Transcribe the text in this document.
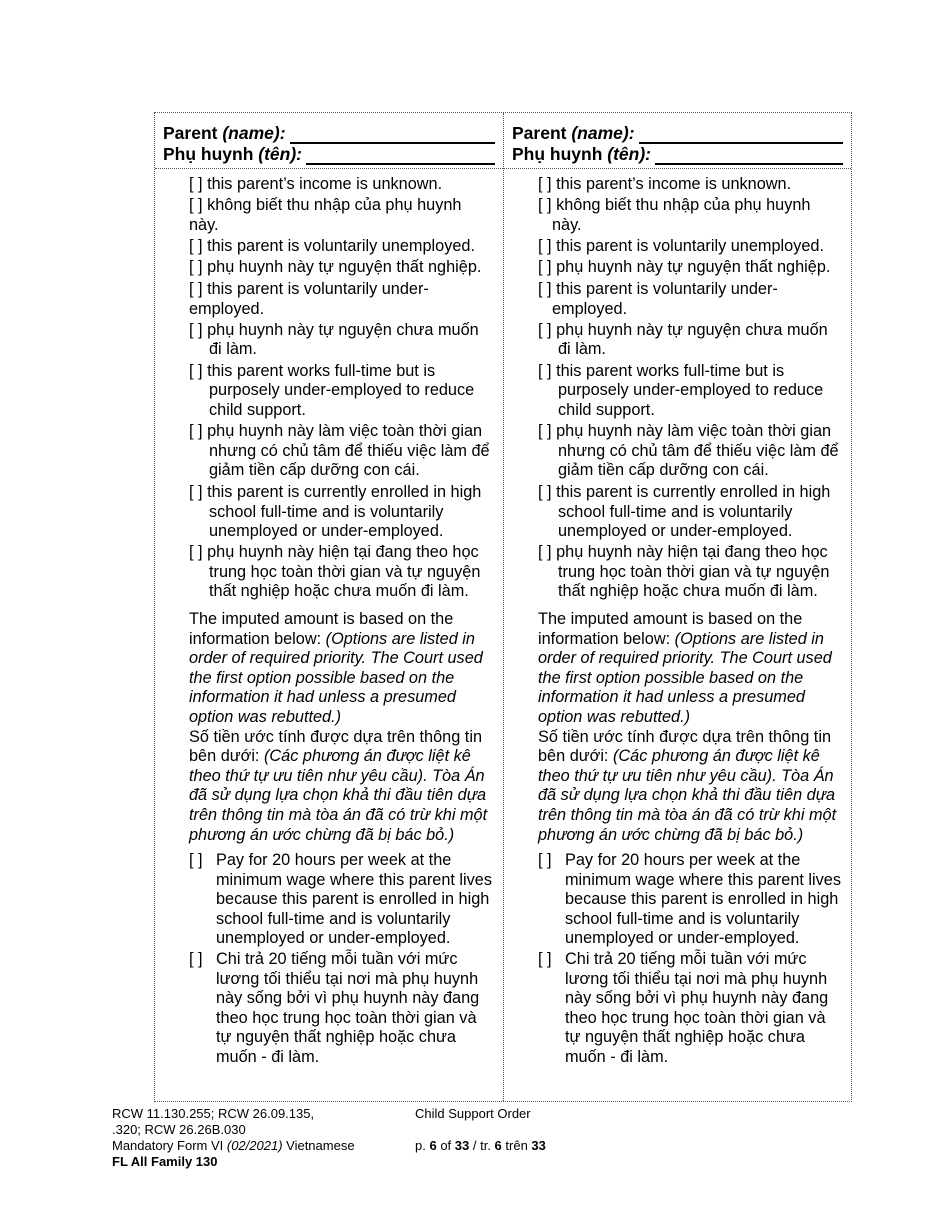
Parent (name):
Phụ huynh (tên):
[ ] this parent’s income is unknown.
[ ] không biết thu nhập của phụ huynh này.
[ ] this parent is voluntarily unemployed.
[ ] phụ huynh này tự nguyện thất nghiệp.
[ ] this parent is voluntarily under-employed.
[ ] phụ huynh này tự nguyện chưa muốn đi làm.
[ ] this parent works full-time but is purposely under-employed to reduce child support.
[ ] phụ huynh này làm việc toàn thời gian nhưng có chủ tâm để thiếu việc làm để giảm tiền cấp dưỡng con cái.
[ ] this parent is currently enrolled in high school full-time and is voluntarily unemployed or under-employed.
[ ] phụ huynh này hiện tại đang theo học trung học toàn thời gian và tự nguyện thất nghiệp hoặc chưa muốn đi làm.
The imputed amount is based on the information below: (Options are listed in order of required priority. The Court used the first option possible based on the information it had unless a presumed option was rebutted.)
Số tiền ước tính được dựa trên thông tin bên dưới: (Các phương án được liệt kê theo thứ tự ưu tiên như yêu cầu). Tòa Án đã sử dụng lựa chọn khả thi đầu tiên dựa trên thông tin mà tòa án đã có trừ khi một phương án ước chừng đã bị bác bỏ.)
[ ] Pay for 20 hours per week at the minimum wage where this parent lives because this parent is enrolled in high school full-time and is voluntarily unemployed or under-employed.
[ ] Chi trả 20 tiếng mỗi tuần với mức lương tối thiểu tại nơi mà phụ huynh này sống bởi vì phụ huynh này đang theo học trung học toàn thời gian và tự nguyện thất nghiệp hoặc chưa muốn - đi làm.
Parent (name):
Phụ huynh (tên):
[ ] this parent’s income is unknown.
[ ] không biết thu nhập của phụ huynh này.
[ ] this parent is voluntarily unemployed.
[ ] phụ huynh này tự nguyện thất nghiệp.
[ ] this parent is voluntarily under-employed.
[ ] phụ huynh này tự nguyện chưa muốn đi làm.
[ ] this parent works full-time but is purposely under-employed to reduce child support.
[ ] phụ huynh này làm việc toàn thời gian nhưng có chủ tâm để thiếu việc làm để giảm tiền cấp dưỡng con cái.
[ ] this parent is currently enrolled in high school full-time and is voluntarily unemployed or under-employed.
[ ] phụ huynh này hiện tại đang theo học trung học toàn thời gian và tự nguyện thất nghiệp hoặc chưa muốn đi làm.
The imputed amount is based on the information below: (Options are listed in order of required priority. The Court used the first option possible based on the information it had unless a presumed option was rebutted.)
Số tiền ước tính được dựa trên thông tin bên dưới: (Các phương án được liệt kê theo thứ tự ưu tiên như yêu cầu). Tòa Án đã sử dụng lựa chọn khả thi đầu tiên dựa trên thông tin mà tòa án đã có trừ khi một phương án ước chừng đã bị bác bỏ.)
[ ] Pay for 20 hours per week at the minimum wage where this parent lives because this parent is enrolled in high school full-time and is voluntarily unemployed or under-employed.
[ ] Chi trả 20 tiếng mỗi tuần với mức lương tối thiểu tại nơi mà phụ huynh này sống bởi vì phụ huynh này đang theo học trung học toàn thời gian và tự nguyện thất nghiệp hoặc chưa muốn - đi làm.
RCW 11.130.255; RCW 26.09.135,
.320; RCW 26.26B.030
Mandatory Form VI (02/2021) Vietnamese
FL All Family 130
Child Support Order
p. 6 of 33 / tr. 6 trên 33
